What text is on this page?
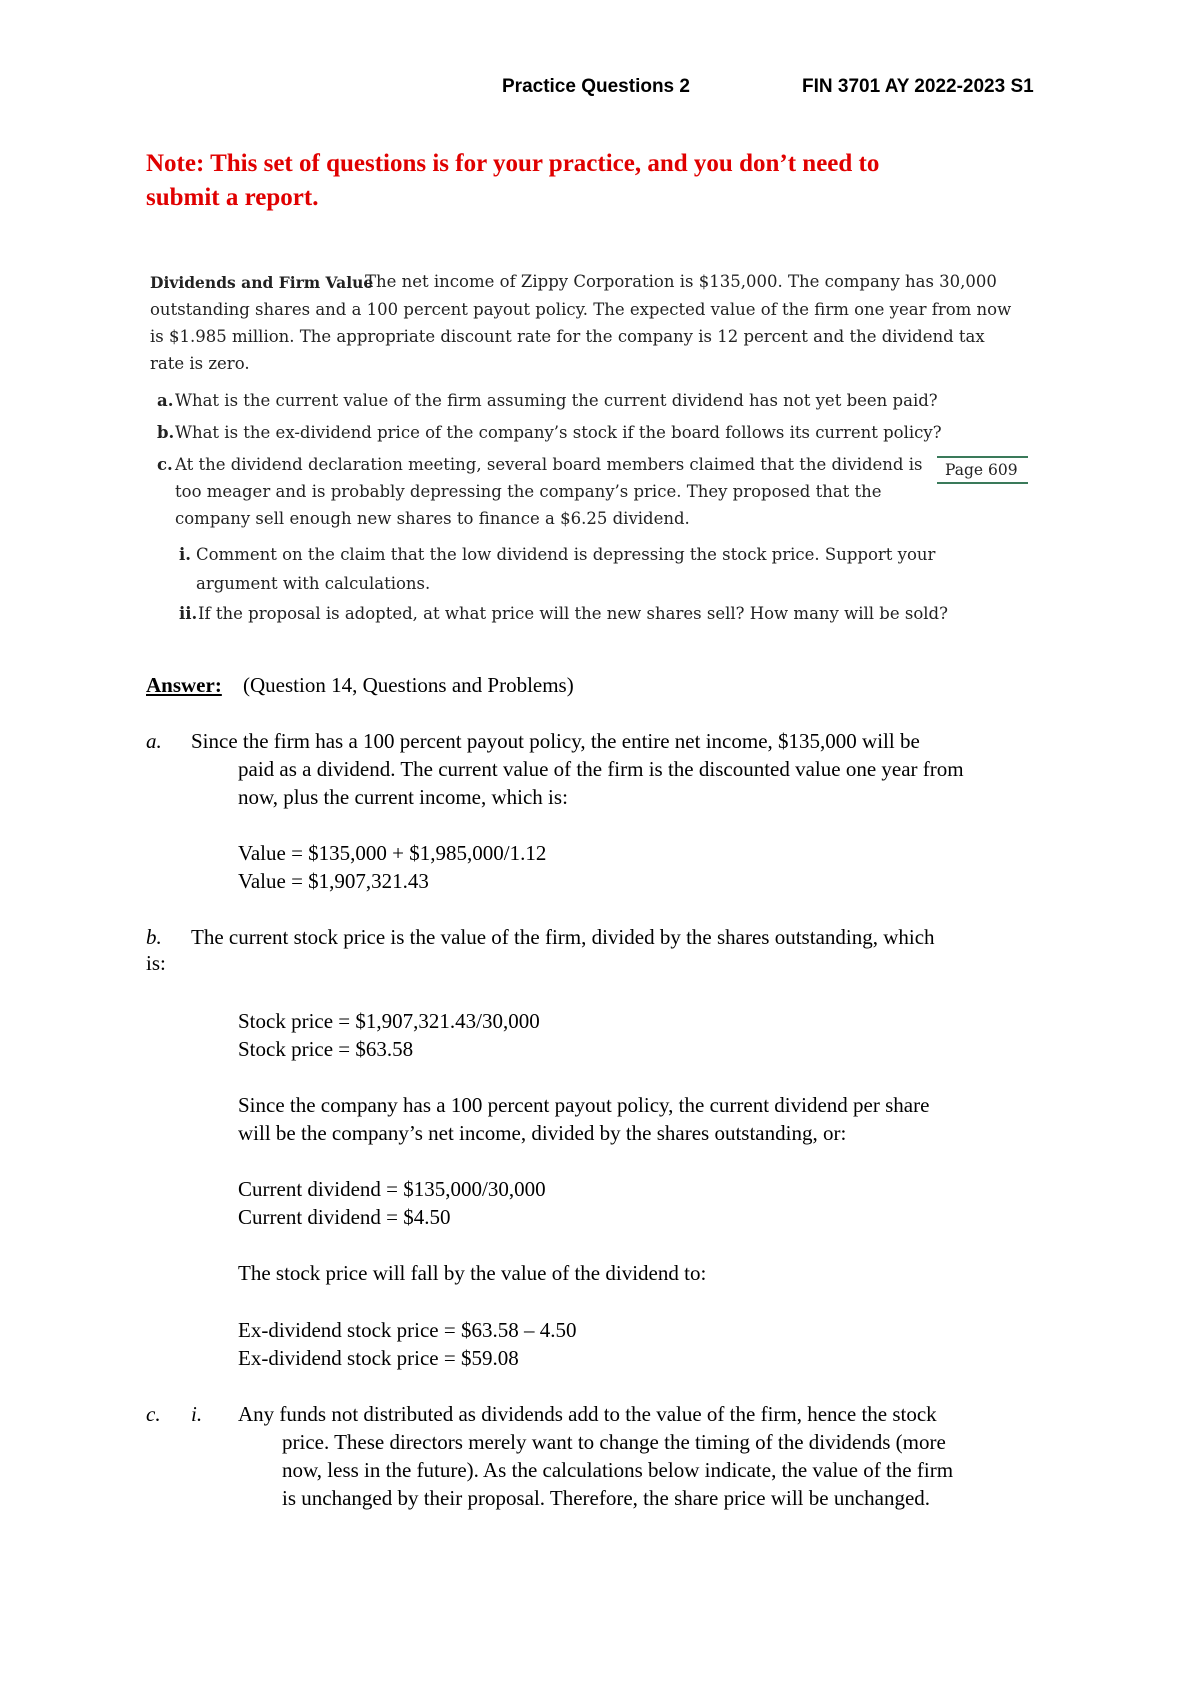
Practice Questions 2	FIN 3701 AY 2022-2023 S1
Note: This set of questions is for your practice, and you don’t need to
submit a report.
Dividends and Firm Value
The net income of Zippy Corporation is $135,000. The company has 30,000
outstanding shares and a 100 percent payout policy. The expected value of the firm one year from now
is $1.985 million. The appropriate discount rate for the company is 12 percent and the dividend tax
rate is zero.
a. What is the current value of the firm assuming the current dividend has not yet been paid?
b. What is the ex-dividend price of the company’s stock if the board follows its current policy?
c. At the dividend declaration meeting, several board members claimed that the dividend is
too meager and is probably depressing the company’s price. They proposed that the
company sell enough new shares to finance a $6.25 dividend.
Page 609
i. Comment on the claim that the low dividend is depressing the stock price. Support your
argument with calculations.
ii. If the proposal is adopted, at what price will the new shares sell? How many will be sold?
Answer: (Question 14, Questions and Problems)
a. Since the firm has a 100 percent payout policy, the entire net income, $135,000 will be
paid as a dividend. The current value of the firm is the discounted value one year from
now, plus the current income, which is:
Value = $135,000 + $1,985,000/1.12
Value = $1,907,321.43
b. The current stock price is the value of the firm, divided by the shares outstanding, which
is:
Stock price = $1,907,321.43/30,000
Stock price = $63.58
Since the company has a 100 percent payout policy, the current dividend per share
will be the company’s net income, divided by the shares outstanding, or:
Current dividend = $135,000/30,000
Current dividend = $4.50
The stock price will fall by the value of the dividend to:
Ex-dividend stock price = $63.58 – 4.50
Ex-dividend stock price = $59.08
c. i. Any funds not distributed as dividends add to the value of the firm, hence the stock
price. These directors merely want to change the timing of the dividends (more
now, less in the future). As the calculations below indicate, the value of the firm
is unchanged by their proposal. Therefore, the share price will be unchanged.
